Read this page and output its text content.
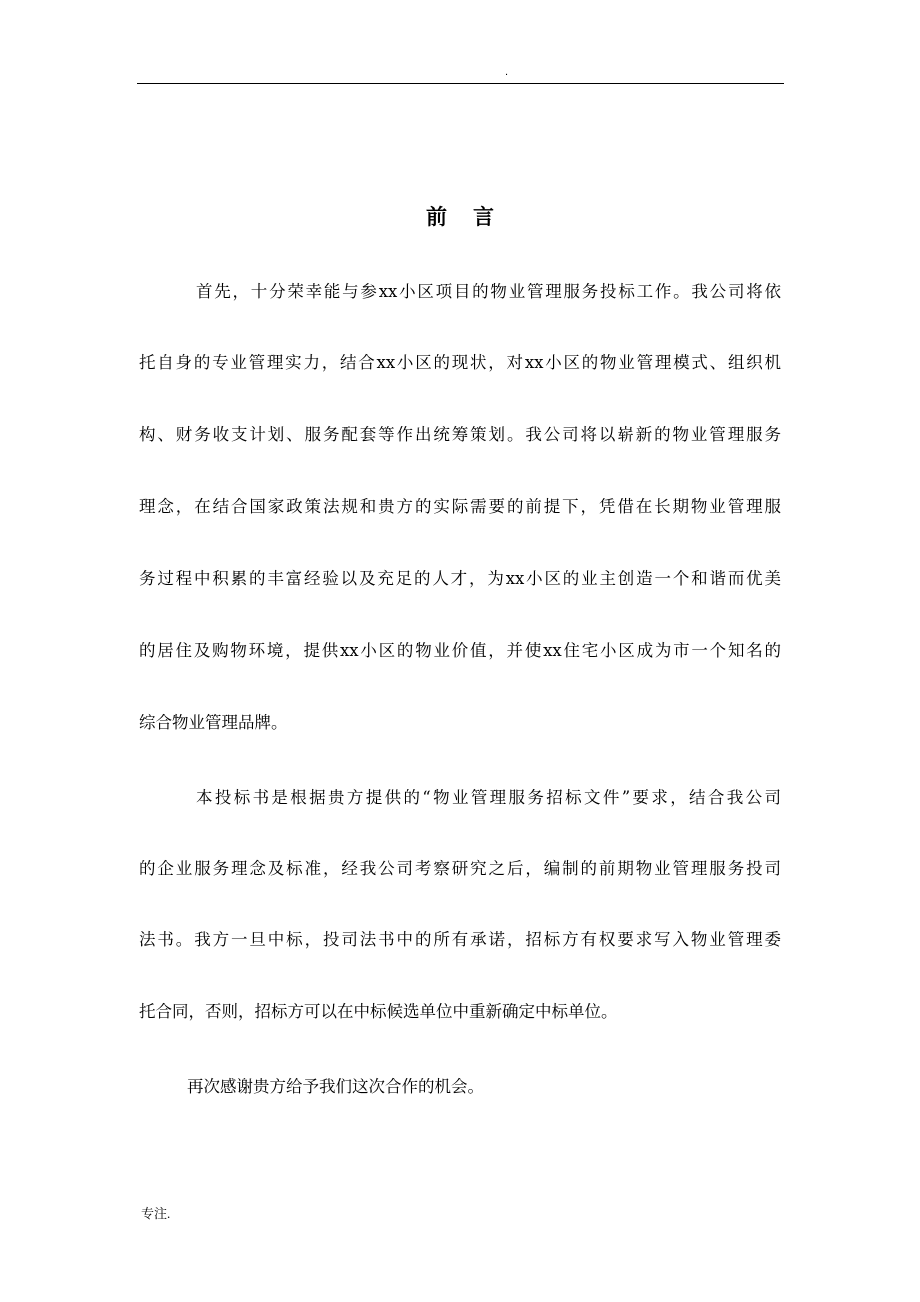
.
前言
首先，十分荣幸能与参xx小区项目的物业管理服务投标工作。我公司将依
托自身的专业管理实力，结合xx小区的现状，对xx小区的物业管理模式、组织机
构、财务收支计划、服务配套等作出统筹策划。我公司将以崭新的物业管理服务
理念，在结合国家政策法规和贵方的实际需要的前提下，凭借在长期物业管理服
务过程中积累的丰富经验以及充足的人才，为xx小区的业主创造一个和谐而优美
的居住及购物环境，提供xx小区的物业价值，并使xx住宅小区成为市一个知名的
综合物业管理品牌。
本投标书是根据贵方提供的“物业管理服务招标文件”要求，结合我公司
的企业服务理念及标准，经我公司考察研究之后，编制的前期物业管理服务投司
法书。我方一旦中标，投司法书中的所有承诺，招标方有权要求写入物业管理委
托合同，否则，招标方可以在中标候选单位中重新确定中标单位。
再次感谢贵方给予我们这次合作的机会。
专注.
